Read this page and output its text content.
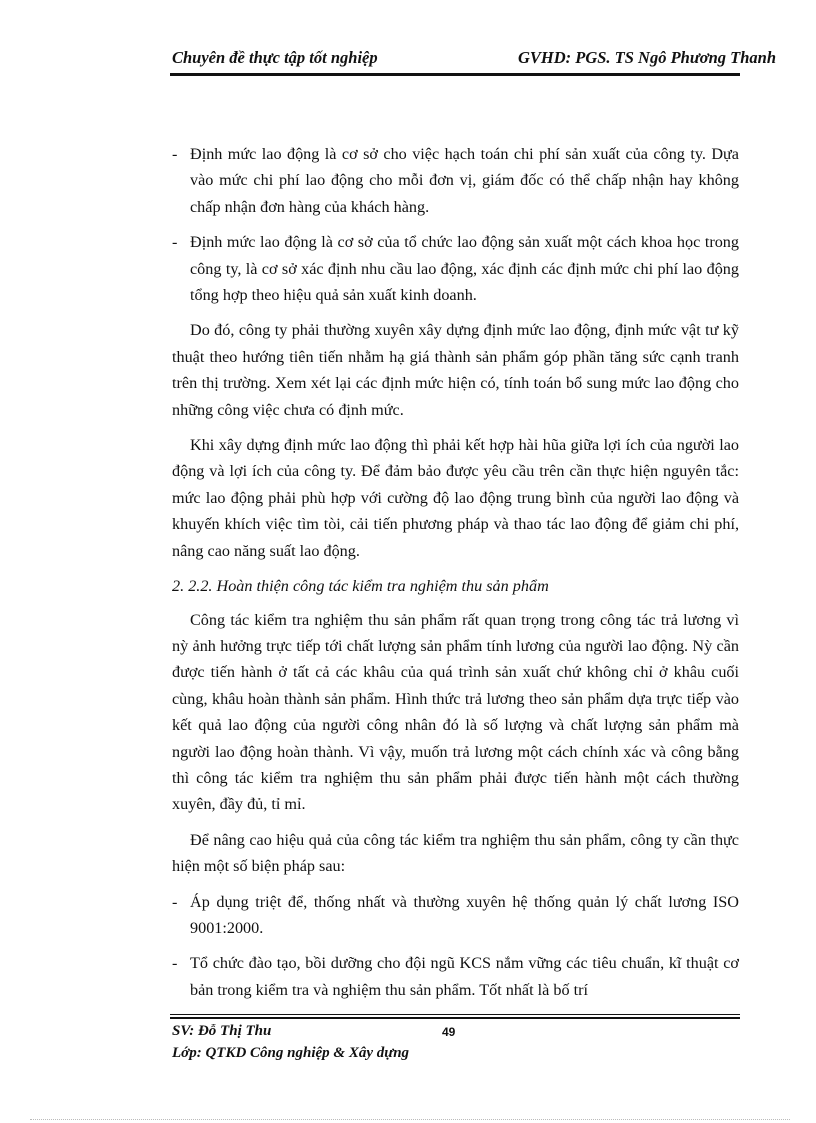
Chuyên đề thực tập tốt nghiệp	GVHD: PGS. TS Ngô Phương Thanh
- Định mức lao động là cơ sở cho việc hạch toán chi phí sản xuất của công ty. Dựa vào mức chi phí lao động cho mỗi đơn vị, giám đốc có thể chấp nhận hay không chấp nhận đơn hàng của khách hàng.
- Định mức lao động là cơ sở của tổ chức lao động sản xuất một cách khoa học trong công ty, là cơ sở xác định nhu cầu lao động, xác định các định mức chi phí lao động tổng hợp theo hiệu quả sản xuất kinh doanh.

Do đó, công ty phải thường xuyên xây dựng định mức lao động, định mức vật tư kỹ thuật theo hướng tiên tiến nhằm hạ giá thành sản phẩm góp phần tăng sức cạnh tranh trên thị trường. Xem xét lại các định mức hiện có, tính toán bổ sung mức lao động cho những công việc chưa có định mức.

Khi xây dựng định mức lao động thì phải kết hợp hài hũa giữa lợi ích của người lao động và lợi ích của công ty. Để đảm bảo được yêu cầu trên cần thực hiện nguyên tắc: mức lao động phải phù hợp với cường độ lao động trung bình của người lao động và khuyến khích việc tìm tòi, cải tiến phương pháp và thao tác lao động để giảm chi phí, nâng cao năng suất lao động.

2. 2.2. Hoàn thiện công tác kiểm tra nghiệm thu sản phẩm

Công tác kiểm tra nghiệm thu sản phẩm rất quan trọng trong công tác trả lương vì nỳ ảnh hưởng trực tiếp tới chất lượng sản phẩm tính lương của người lao động. Nỳ cần được tiến hành ở tất cả các khâu của quá trình sản xuất chứ không chỉ ở khâu cuối cùng, khâu hoàn thành sản phẩm. Hình thức trả lương theo sản phẩm dựa trực tiếp vào kết quả lao động của người công nhân đó là số lượng và chất lượng sản phẩm mà người lao động hoàn thành. Vì vậy, muốn trả lương một cách chính xác và công bằng thì công tác kiểm tra nghiệm thu sản phẩm phải được tiến hành một cách thường xuyên, đầy đủ, tỉ mỉ.

Để nâng cao hiệu quả của công tác kiểm tra nghiệm thu sản phẩm, công ty cần thực hiện một số biện pháp sau:

- Áp dụng triệt để, thống nhất và thường xuyên hệ thống quản lý chất lương ISO 9001:2000.
- Tổ chức đào tạo, bồi dưỡng cho đội ngũ KCS nắm vững các tiêu chuẩn, kĩ thuật cơ bản trong kiểm tra và nghiệm thu sản phẩm. Tốt nhất là bố trí
SV: Đỗ Thị Thu
Lớp: QTKD Công nghiệp & Xây dựng
49
